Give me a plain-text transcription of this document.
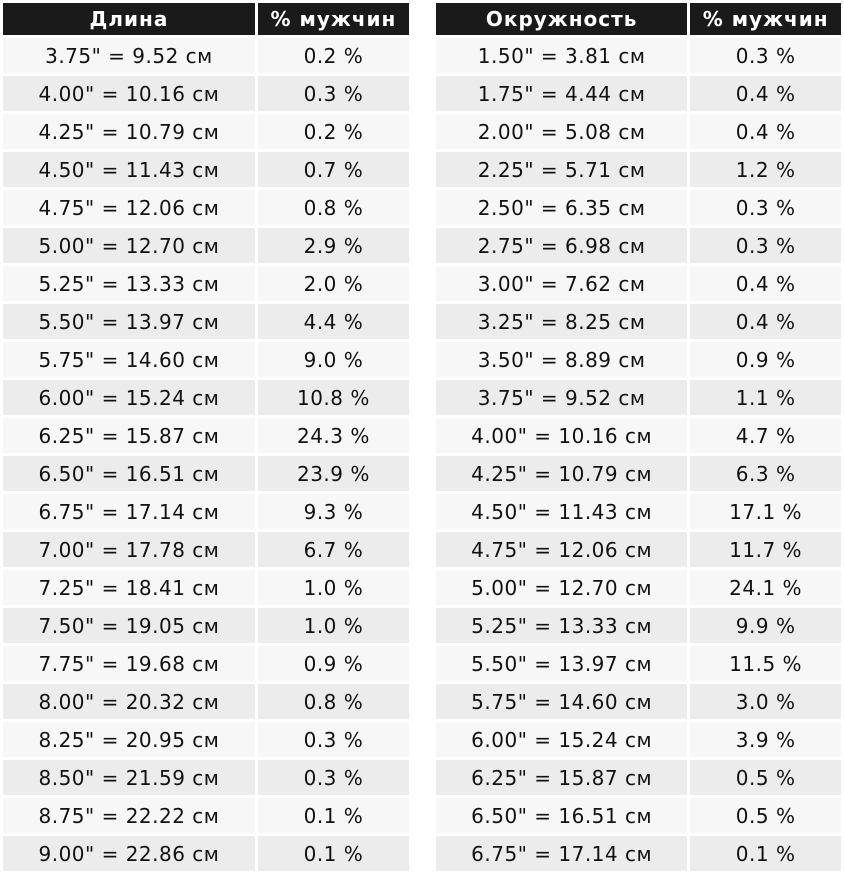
Длина	% мужчин
3.75" = 9.52 см	0.2 %
4.00" = 10.16 см	0.3 %
4.25" = 10.79 см	0.2 %
4.50" = 11.43 см	0.7 %
4.75" = 12.06 см	0.8 %
5.00" = 12.70 см	2.9 %
5.25" = 13.33 см	2.0 %
5.50" = 13.97 см	4.4 %
5.75" = 14.60 см	9.0 %
6.00" = 15.24 см	10.8 %
6.25" = 15.87 см	24.3 %
6.50" = 16.51 см	23.9 %
6.75" = 17.14 см	9.3 %
7.00" = 17.78 см	6.7 %
7.25" = 18.41 см	1.0 %
7.50" = 19.05 см	1.0 %
7.75" = 19.68 см	0.9 %
8.00" = 20.32 см	0.8 %
8.25" = 20.95 см	0.3 %
8.50" = 21.59 см	0.3 %
8.75" = 22.22 см	0.1 %
9.00" = 22.86 см	0.1 %
Окружность	% мужчин
1.50" = 3.81 см	0.3 %
1.75" = 4.44 см	0.4 %
2.00" = 5.08 см	0.4 %
2.25" = 5.71 см	1.2 %
2.50" = 6.35 см	0.3 %
2.75" = 6.98 см	0.3 %
3.00" = 7.62 см	0.4 %
3.25" = 8.25 см	0.4 %
3.50" = 8.89 см	0.9 %
3.75" = 9.52 см	1.1 %
4.00" = 10.16 см	4.7 %
4.25" = 10.79 см	6.3 %
4.50" = 11.43 см	17.1 %
4.75" = 12.06 см	11.7 %
5.00" = 12.70 см	24.1 %
5.25" = 13.33 см	9.9 %
5.50" = 13.97 см	11.5 %
5.75" = 14.60 см	3.0 %
6.00" = 15.24 см	3.9 %
6.25" = 15.87 см	0.5 %
6.50" = 16.51 см	0.5 %
6.75" = 17.14 см	0.1 %
